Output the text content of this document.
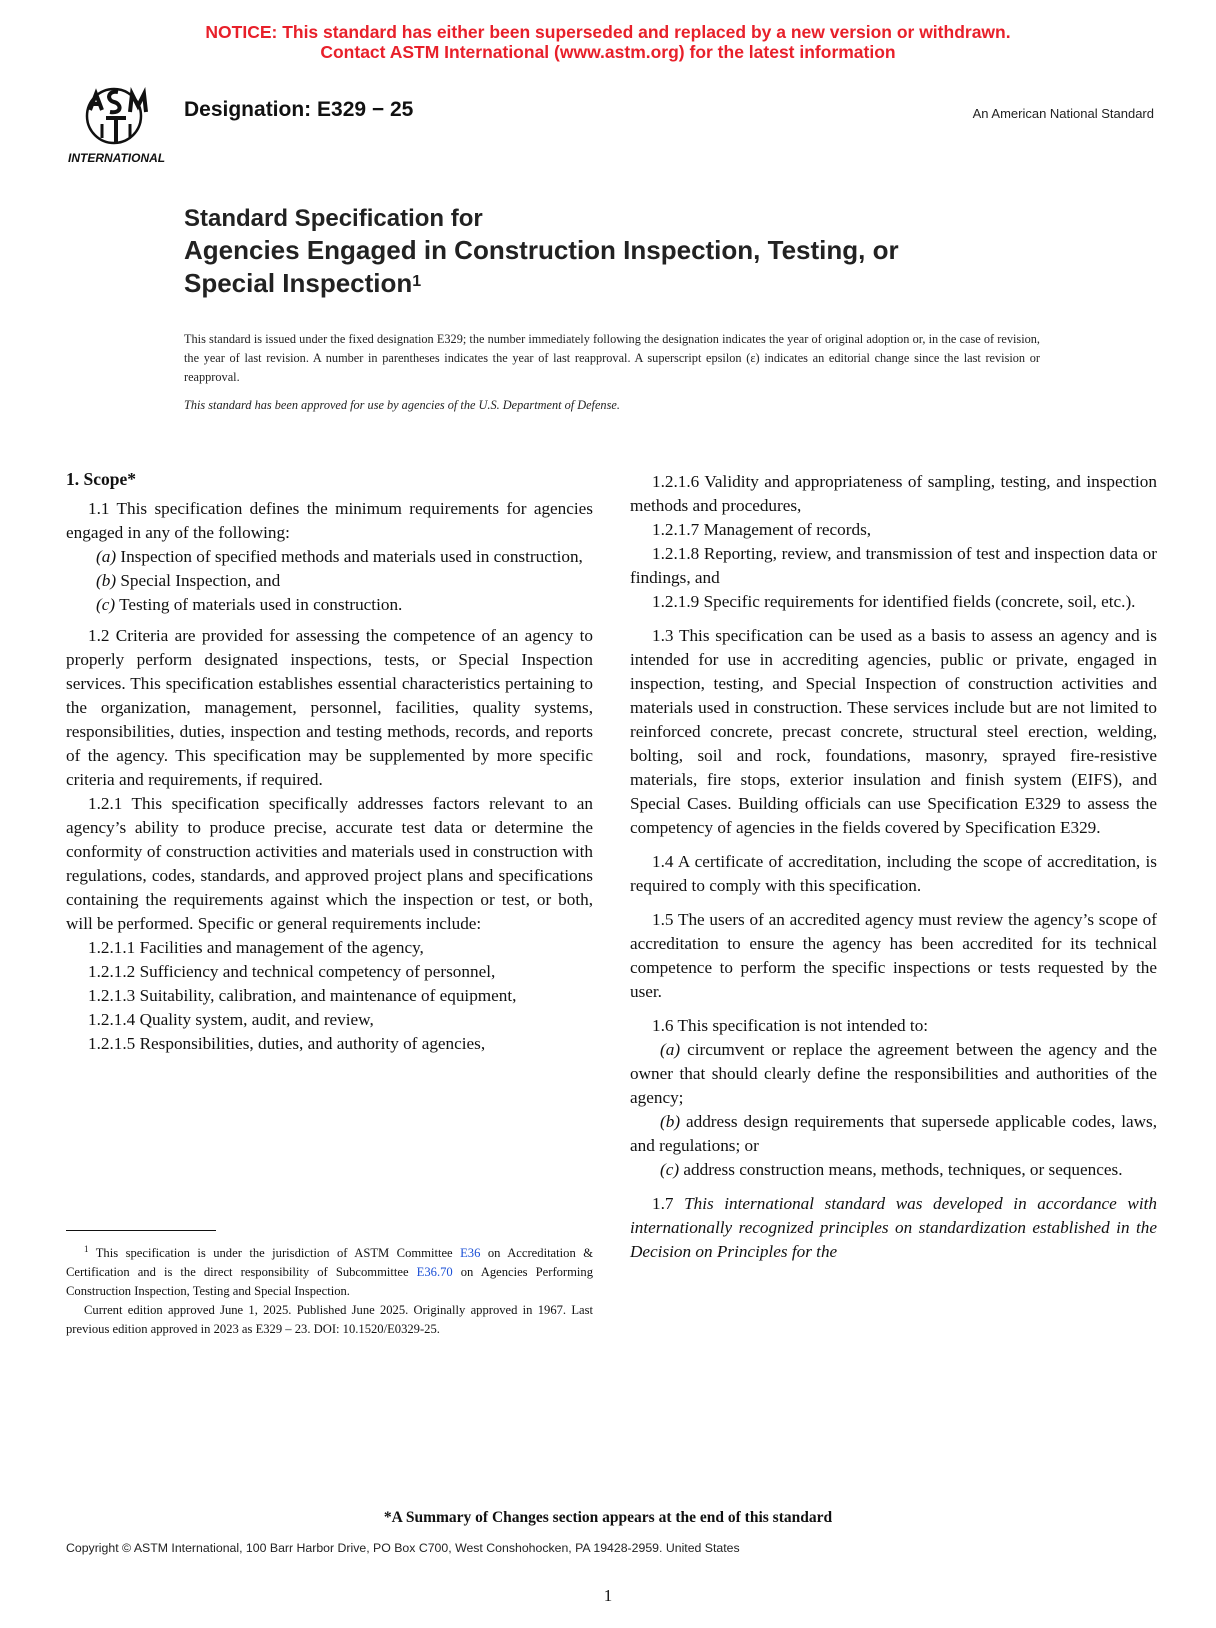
NOTICE: This standard has either been superseded and replaced by a new version or withdrawn.
Contact ASTM International (www.astm.org) for the latest information
INTERNATIONAL
Designation: E329 − 25	An American National Standard
Standard Specification for
Agencies Engaged in Construction Inspection, Testing, or
Special Inspection$^1$
This standard is issued under the fixed designation E329; the number immediately following the designation indicates the year of original adoption or, in the case of revision, the year of last revision. A number in parentheses indicates the year of last reapproval. A superscript epsilon (ε) indicates an editorial change since the last revision or reapproval.
This standard has been approved for use by agencies of the U.S. Department of Defense.
1. Scope*

1.1 This specification defines the minimum requirements for agencies engaged in any of the following:

(a) Inspection of specified methods and materials used in construction,

(b) Special Inspection, and

(c) Testing of materials used in construction.

1.2 Criteria are provided for assessing the competence of an agency to properly perform designated inspections, tests, or Special Inspection services. This specification establishes essential characteristics pertaining to the organization, management, personnel, facilities, quality systems, responsibilities, duties, inspection and testing methods, records, and reports of the agency. This specification may be supplemented by more specific criteria and requirements, if required.

1.2.1 This specification specifically addresses factors relevant to an agency’s ability to produce precise, accurate test data or determine the conformity of construction activities and materials used in construction with regulations, codes, standards, and approved project plans and specifications containing the requirements against which the inspection or test, or both, will be performed. Specific or general requirements include:

1.2.1.1 Facilities and management of the agency,

1.2.1.2 Sufficiency and technical competency of personnel,

1.2.1.3 Suitability, calibration, and maintenance of equipment,

1.2.1.4 Quality system, audit, and review,

1.2.1.5 Responsibilities, duties, and authority of agencies,

1.2.1.6 Validity and appropriateness of sampling, testing, and inspection methods and procedures,

1.2.1.7 Management of records,

1.2.1.8 Reporting, review, and transmission of test and inspection data or findings, and

1.2.1.9 Specific requirements for identified fields (concrete, soil, etc.).

1.3 This specification can be used as a basis to assess an agency and is intended for use in accrediting agencies, public or private, engaged in inspection, testing, and Special Inspection of construction activities and materials used in construction. These services include but are not limited to reinforced concrete, precast concrete, structural steel erection, welding, bolting, soil and rock, foundations, masonry, sprayed fire-resistive materials, fire stops, exterior insulation and finish system (EIFS), and Special Cases. Building officials can use Specification E329 to assess the competency of agencies in the fields covered by Specification E329.

1.4 A certificate of accreditation, including the scope of accreditation, is required to comply with this specification.

1.5 The users of an accredited agency must review the agency’s scope of accreditation to ensure the agency has been accredited for its technical competence to perform the specific inspections or tests requested by the user.

1.6 This specification is not intended to:

(a) circumvent or replace the agreement between the agency and the owner that should clearly define the responsibilities and authorities of the agency;

(b) address design requirements that supersede applicable codes, laws, and regulations; or

(c) address construction means, methods, techniques, or sequences.

1.7 This international standard was developed in accordance with internationally recognized principles on standardization established in the Decision on Principles for the

$^1$ This specification is under the jurisdiction of ASTM Committee E36 on Accreditation & Certification and is the direct responsibility of Subcommittee E36.70 on Agencies Performing Construction Inspection, Testing and Special Inspection.

Current edition approved June 1, 2025. Published June 2025. Originally approved in 1967. Last previous edition approved in 2023 as E329 – 23. DOI: 10.1520/E0329-25.

*A Summary of Changes section appears at the end of this standard
Copyright © ASTM International, 100 Barr Harbor Drive, PO Box C700, West Conshohocken, PA 19428-2959. United States
1
